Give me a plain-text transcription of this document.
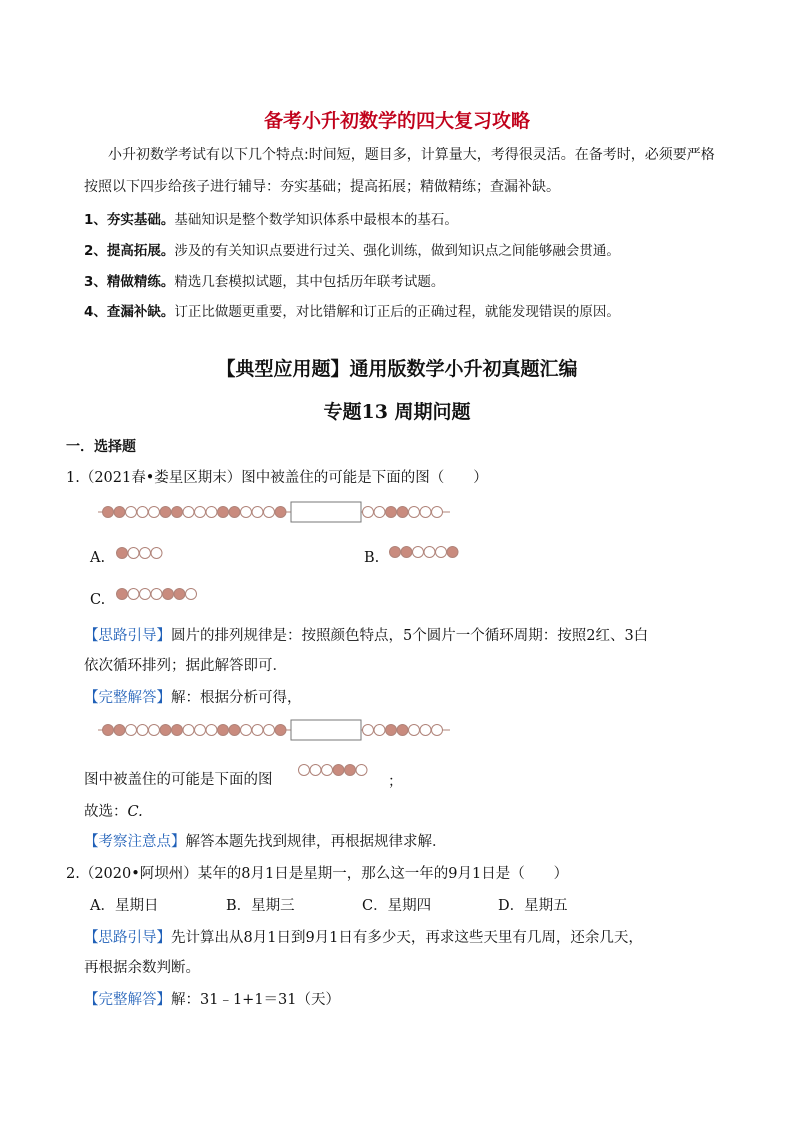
备考小升初数学的四大复习攻略
小升初数学考试有以下几个特点:时间短，题目多，计算量大，考得很灵活。在备考时，必须要严格
按照以下四步给孩子进行辅导：夯实基础；提高拓展；精做精练；查漏补缺。
1、夯实基础。基础知识是整个数学知识体系中最根本的基石。
2、提高拓展。涉及的有关知识点要进行过关、强化训练，做到知识点之间能够融会贯通。
3、精做精练。精选几套模拟试题，其中包括历年联考试题。
4、查漏补缺。订正比做题更重要，对比错解和订正后的正确过程，就能发现错误的原因。
【典型应用题】通用版数学小升初真题汇编
专题13 周期问题
一．选择题
1.（2021春•娄星区期末）图中被盖住的可能是下面的图（　　）
A.	B.
C.
【思路引导】圆片的排列规律是：按照颜色特点，5个圆片一个循环周期：按照2红、3白
依次循环排列；据此解答即可．
【完整解答】解：根据分析可得，
图中被盖住的可能是下面的图	；
故选：C.
【考察注意点】解答本题先找到规律，再根据规律求解．
2.（2020•阿坝州）某年的8月1日是星期一，那么这一年的9月1日是（　　）
A．星期日	B．星期三	C．星期四	D．星期五
【思路引导】先计算出从8月1日到9月1日有多少天，再求这些天里有几周，还余几天，
再根据余数判断。
【完整解答】解：31﹣1+1＝31（天）
